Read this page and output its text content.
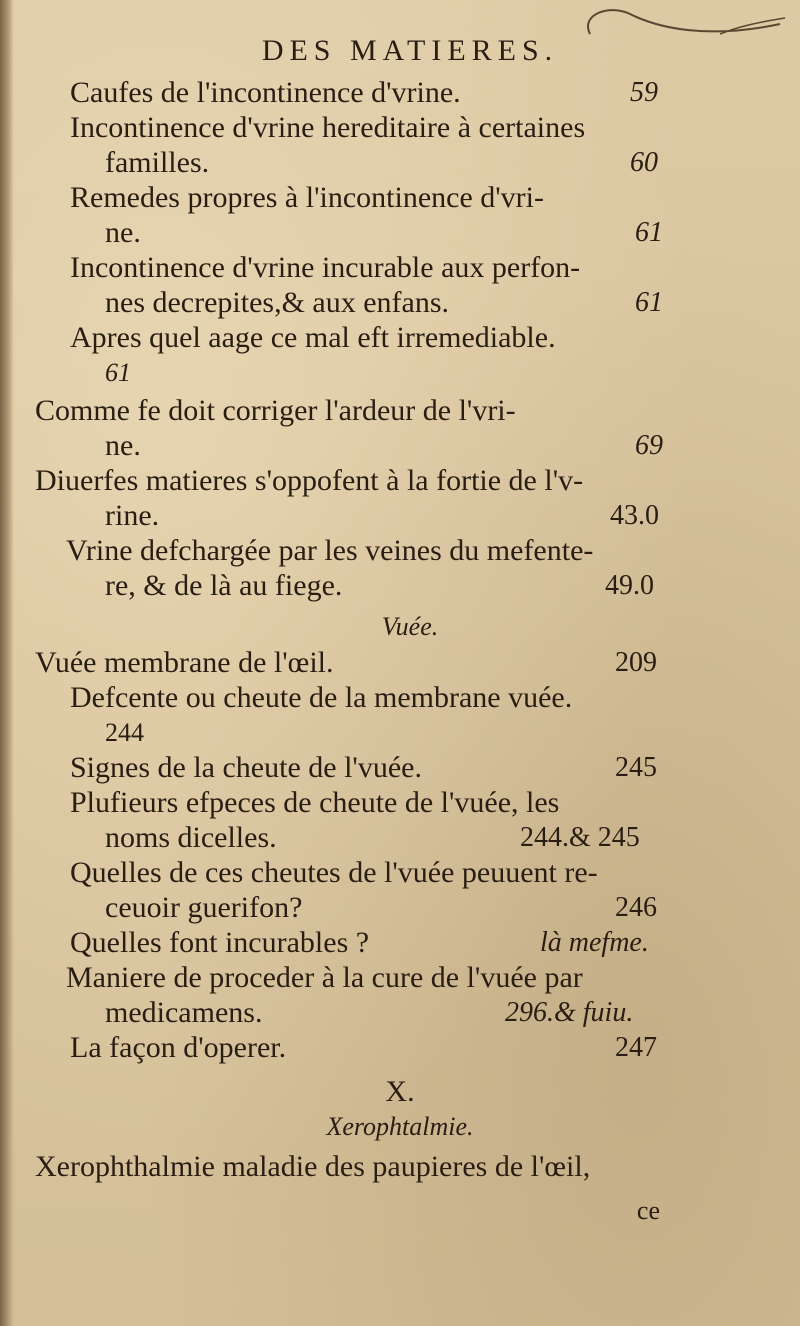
DES MATIERES.
Caufes de l'incontinence d'vrine.	59
Incontinence d'vrine hereditaire à certaines
familles.	60
Remedes propres à l'incontinence d'vri-
ne.	61
Incontinence d'vrine incurable aux perfon-
nes decrepites,& aux enfans.	61
Apres quel aage ce mal eft irremediable.
61
Comme fe doit corriger l'ardeur de l'vri-
ne.	69
Diuerfes matieres s'oppofent à la fortie de l'v-
rine.	43.0
Vrine defchargée par les veines du mefente-
re, & de là au fiege.	49.0
Vuée.
Vuée membrane de l'œil.	209
Defcente ou cheute de la membrane vuée.
244
Signes de la cheute de l'vuée.	245
Plufieurs efpeces de cheute de l'vuée, les
noms dicelles.	244.& 245
Quelles de ces cheutes de l'vuée peuuent re-
ceuoir guerifon?	246
Quelles font incurables ?	là mefme.
Maniere de proceder à la cure de l'vuée par
medicamens.	296.& fuiu.
La façon d'operer.	247
X.
Xerophtalmie.
Xerophthalmie maladie des paupieres de l'œil,
ce
